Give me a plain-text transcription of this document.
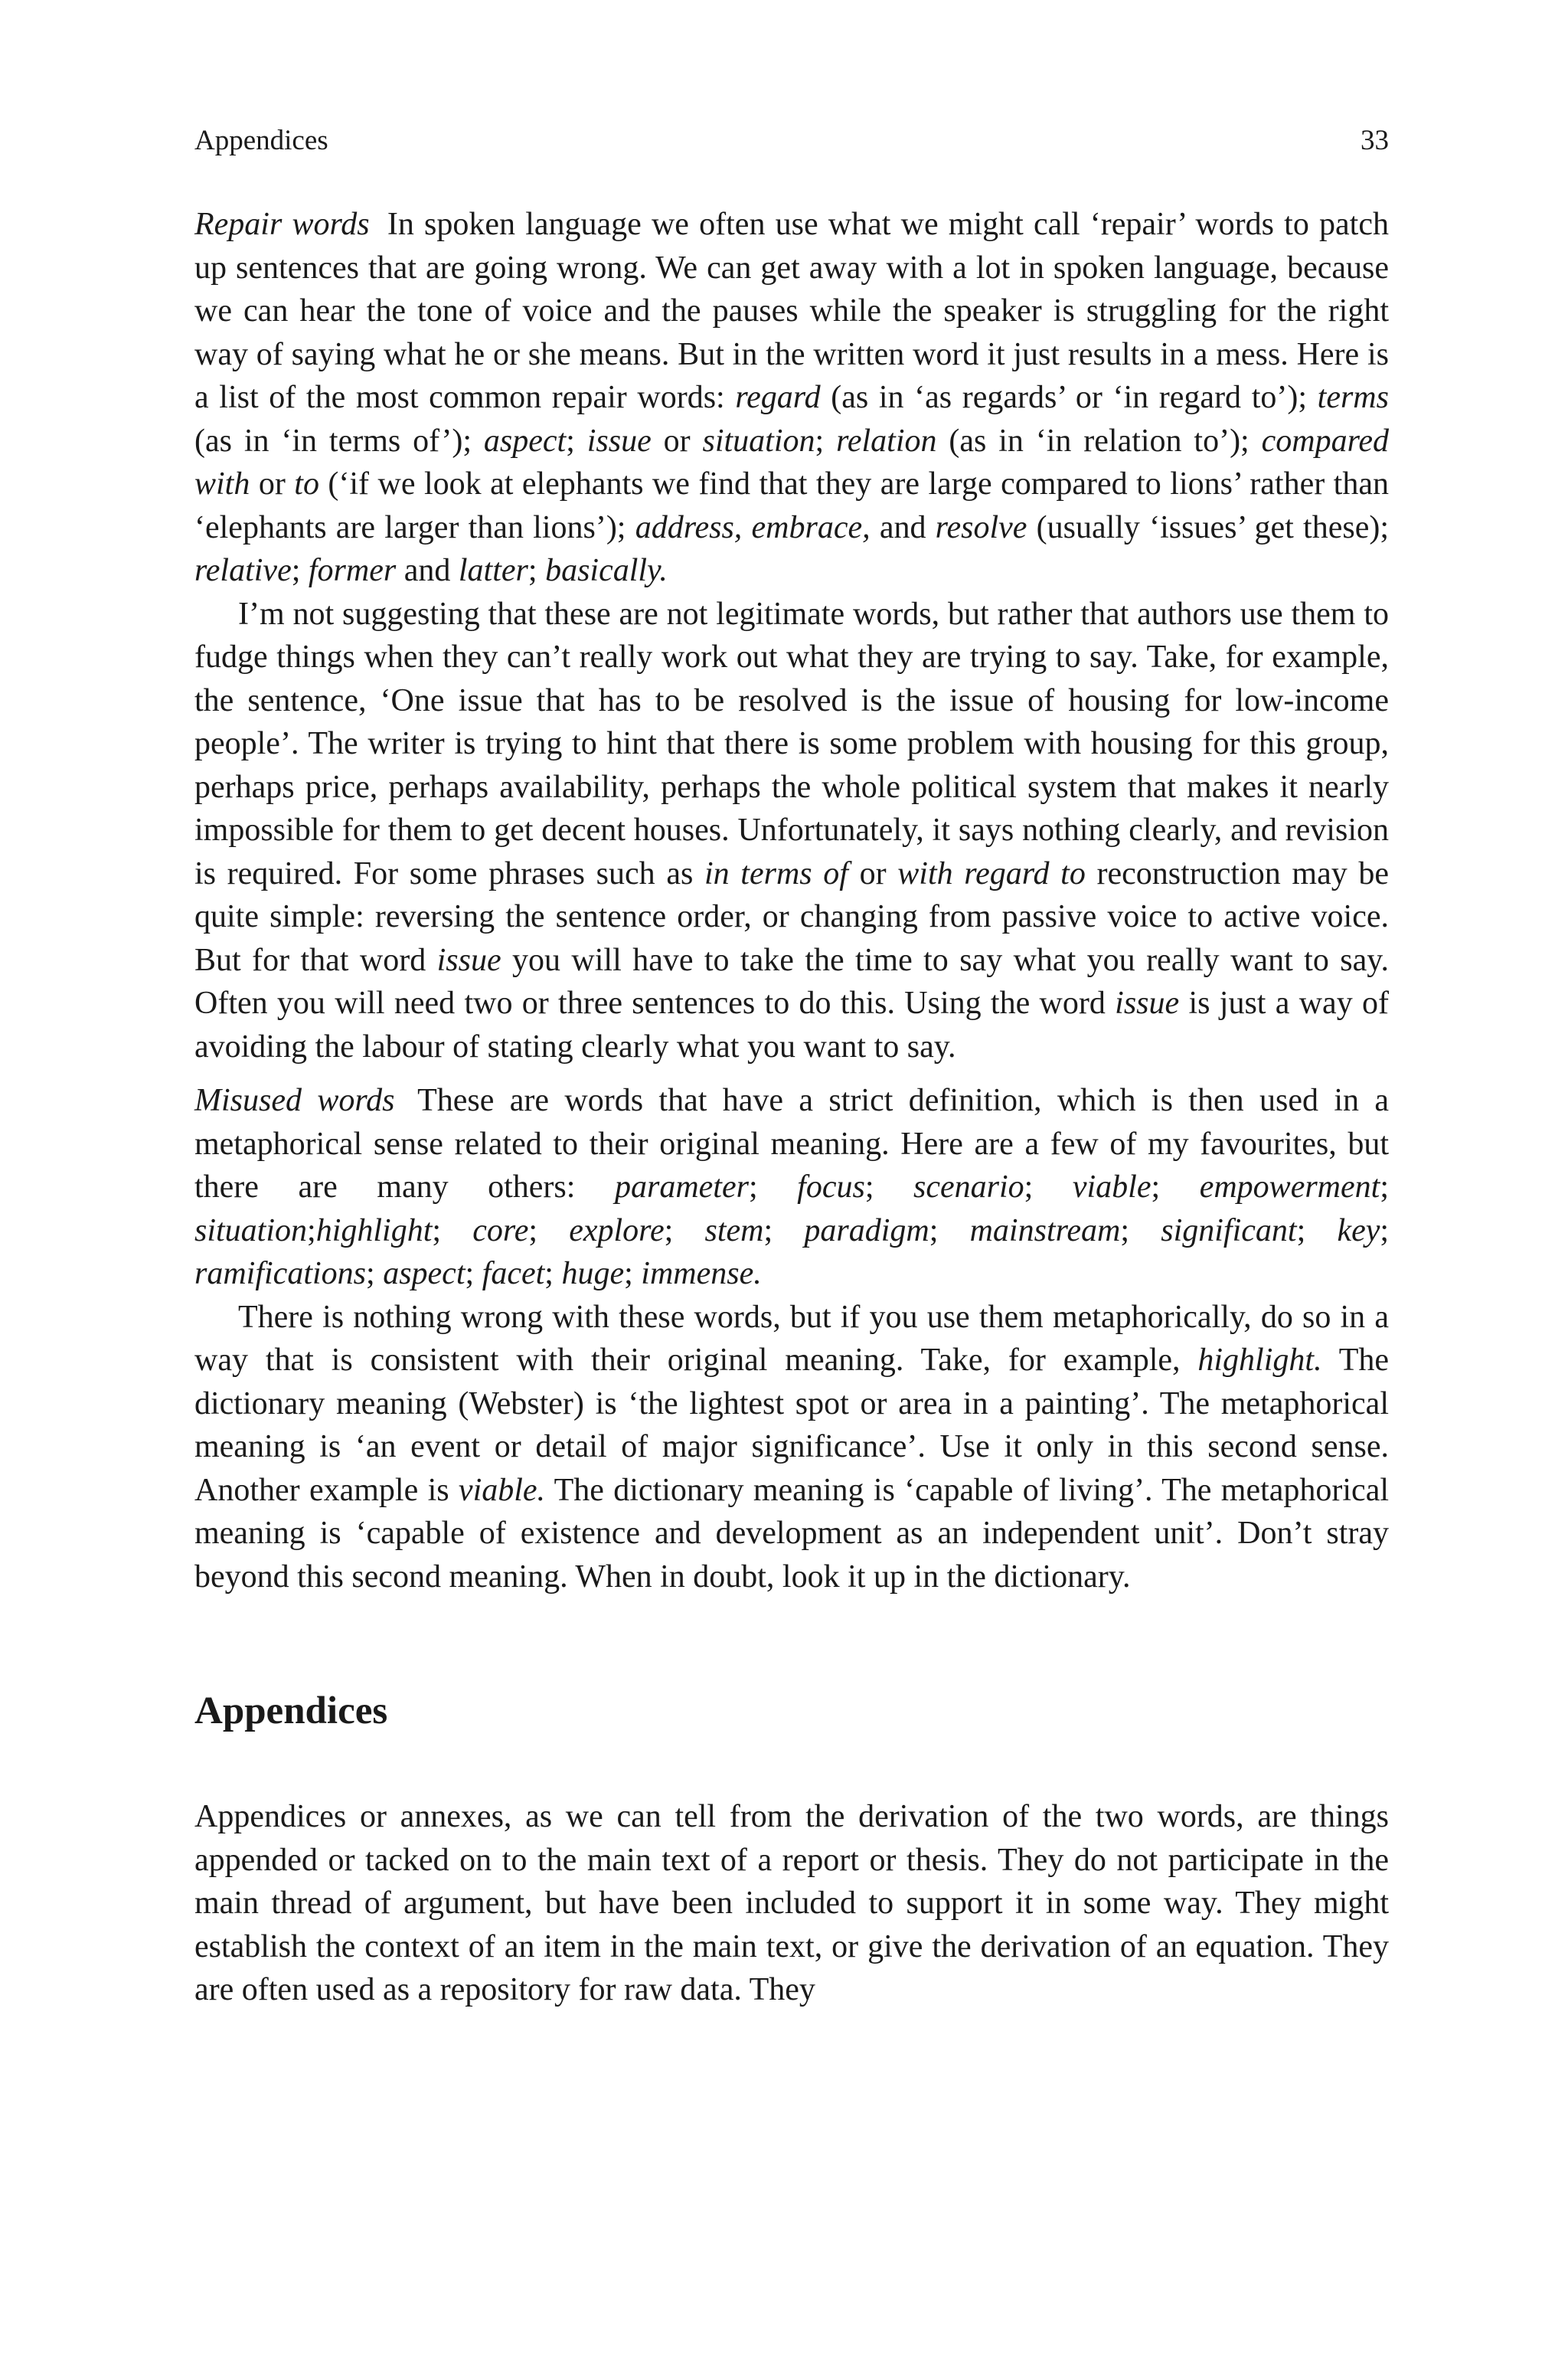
Appendices	33

Repair words In spoken language we often use what we might call ‘repair’ words to patch up sentences that are going wrong. We can get away with a lot in spoken language, because we can hear the tone of voice and the pauses while the speaker is struggling for the right way of saying what he or she means. But in the written word it just results in a mess. Here is a list of the most common repair words: regard (as in ‘as regards’ or ‘in regard to’); terms (as in ‘in terms of’); aspect; issue or situation; relation (as in ‘in relation to’); compared with or to (‘if we look at elephants we find that they are large compared to lions’ rather than ‘elephants are larger than lions’); address, embrace, and resolve (usually ‘issues’ get these); relative; former and latter; basically.

I’m not suggesting that these are not legitimate words, but rather that authors use them to fudge things when they can’t really work out what they are trying to say. Take, for example, the sentence, ‘One issue that has to be resolved is the issue of housing for low-income people’. The writer is trying to hint that there is some problem with housing for this group, perhaps price, perhaps availability, perhaps the whole political system that makes it nearly impossible for them to get decent houses. Unfortunately, it says nothing clearly, and revision is required. For some phrases such as in terms of or with regard to reconstruction may be quite simple: reversing the sentence order, or changing from passive voice to active voice. But for that word issue you will have to take the time to say what you really want to say. Often you will need two or three sentences to do this. Using the word issue is just a way of avoiding the labour of stating clearly what you want to say.

Misused words These are words that have a strict definition, which is then used in a metaphorical sense related to their original meaning. Here are a few of my favourites, but there are many others: parameter; focus; scenario; viable; empowerment; situation;highlight; core; explore; stem; paradigm; mainstream; significant; key; ramifications; aspect; facet; huge; immense.

There is nothing wrong with these words, but if you use them metaphorically, do so in a way that is consistent with their original meaning. Take, for example, highlight. The dictionary meaning (Webster) is ‘the lightest spot or area in a painting’. The metaphorical meaning is ‘an event or detail of major significance’. Use it only in this second sense. Another example is viable. The dictionary meaning is ‘capable of living’. The metaphorical meaning is ‘capable of existence and development as an independent unit’. Don’t stray beyond this second meaning. When in doubt, look it up in the dictionary.

Appendices

Appendices or annexes, as we can tell from the derivation of the two words, are things appended or tacked on to the main text of a report or thesis. They do not participate in the main thread of argument, but have been included to support it in some way. They might establish the context of an item in the main text, or give the derivation of an equation. They are often used as a repository for raw data. They
